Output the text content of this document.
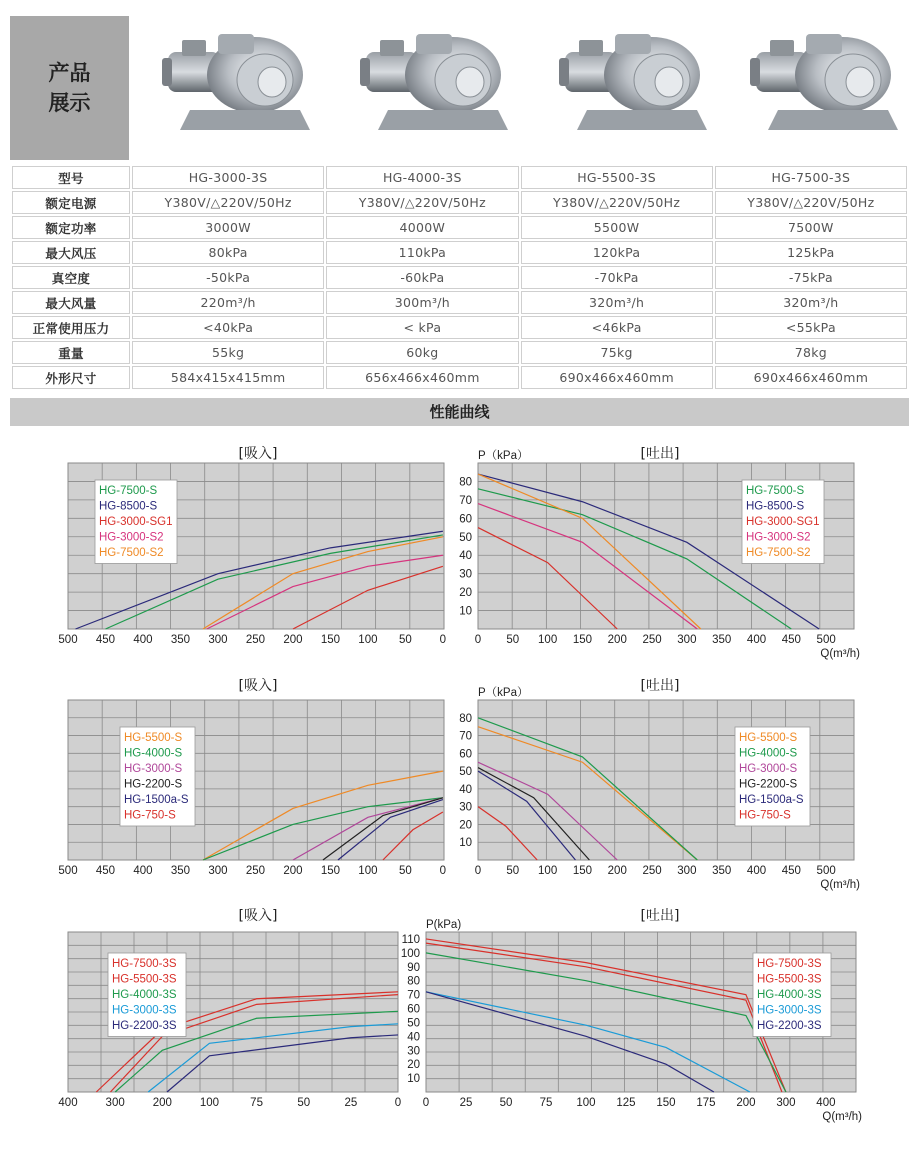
产品
展示
型号	HG-3000-3S	HG-4000-3S	HG-5500-3S	HG-7500-3S
额定电源	Y380V/△220V/50Hz	Y380V/△220V/50Hz	Y380V/△220V/50Hz	Y380V/△220V/50Hz
额定功率	3000W	4000W	5500W	7500W
最大风压	80kPa	110kPa	120kPa	125kPa
真空度	-50kPa	-60kPa	-70kPa	-75kPa
最大风量	220m³/h	300m³/h	320m³/h	320m³/h
正常使用压力	<40kPa	< kPa	<46kPa	<55kPa
重量	55kg	60kg	75kg	78kg
外形尺寸	584x415x415mm	656x466x460mm	690x466x460mm	690x466x460mm
性能曲线
[吸入]
500 450 400 350 300 250 200 150 100 50 0
HG-7500-S
HG-8500-S
HG-3000-SG1
HG-3000-S2
HG-7500-S2
[吐出]
0 50 100 150 200 250 300 350 400 450 500
10
20
30
40
50
60
70
80
P（kPa）
Q(m³/h)
HG-7500-S
HG-8500-S
HG-3000-SG1
HG-3000-S2
HG-7500-S2
[吸入]
500 450 400 350 300 250 200 150 100 50 0
HG-5500-S
HG-4000-S
HG-3000-S
HG-2200-S
HG-1500a-S
HG-750-S
[吐出]
0 50 100 150 200 250 300 350 400 450 500
10
20
30
40
50
60
70
80
P（kPa）
Q(m³/h)
HG-5500-S
HG-4000-S
HG-3000-S
HG-2200-S
HG-1500a-S
HG-750-S
[吸入]
400 300 200 100	75	50	25	0
HG-7500-3S
HG-5500-3S
HG-4000-3S
HG-3000-3S
HG-2200-3S
[吐出]
0	25 50 75 100 125 150 175 200 300 400
10
20
30
40
50
60
70
80
90
100
110
P(kPa)
Q(m³/h)
HG-7500-3S
HG-5500-3S
HG-4000-3S
HG-3000-3S
HG-2200-3S
